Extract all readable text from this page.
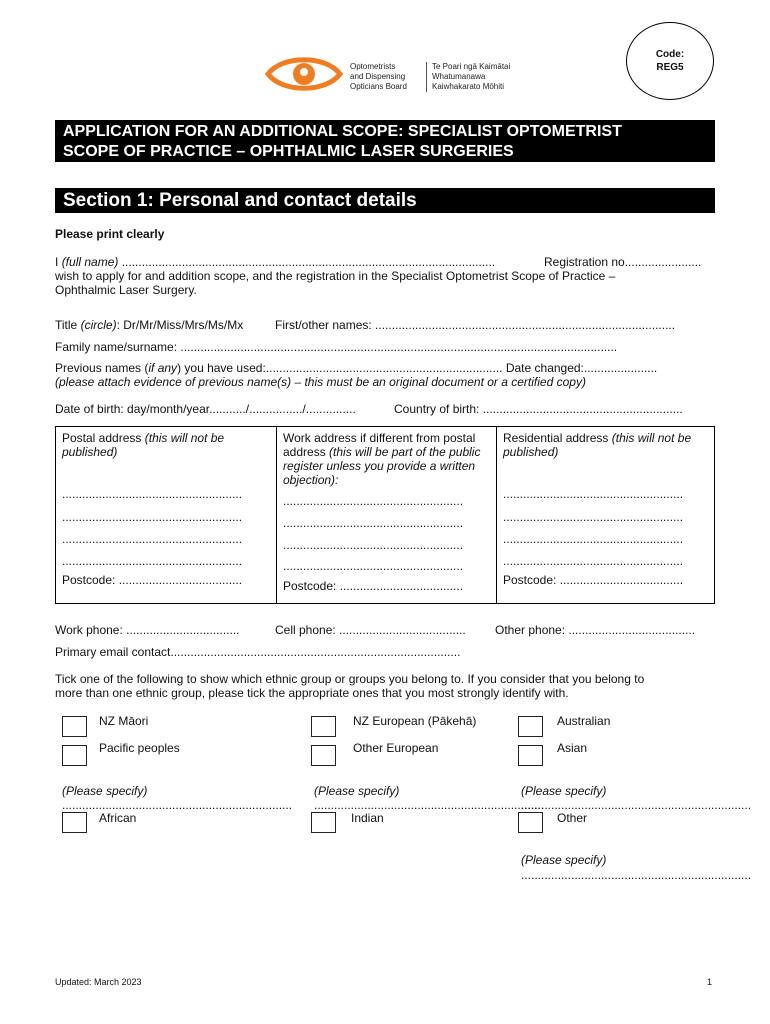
Optometrists
and Dispensing
Opticians Board
Te Poari ngā Kaimātai
Whatumanawa
Kaiwhakarato Mōhiti
Code:
REG5
APPLICATION FOR AN ADDITIONAL SCOPE: SPECIALIST OPTOMETRIST
SCOPE OF PRACTICE – OPHTHALMIC LASER SURGERIES
Section 1: Personal and contact details
Please print clearly
I (full name) ................................................................................................................	Registration no.......................
wish to apply for and addition scope, and the registration in the Specialist Optometrist Scope of Practice –
Ophthalmic Laser Surgery.
Title (circle): Dr/Mr/Miss/Mrs/Ms/Mx	First/other names: ..........................................................................................
Family name/surname: ...................................................................................................................................
Previous names (if any) you have used:....................................................................... Date changed:......................
(please attach evidence of previous name(s) – this must be an original document or a certified copy)
Date of birth: day/month/year.........../................/...............	Country of birth: ............................................................
Postal address (this will not be published)
......................................................
......................................................
......................................................
......................................................
Postcode: .....................................
Work address if different from postal address (this will be part of the public register unless you provide a written objection):
......................................................
......................................................
......................................................
......................................................
Postcode: .....................................
Residential address (this will not be published)
......................................................
......................................................
......................................................
......................................................
Postcode: .....................................
Work phone: ..................................	Cell phone: ...................................... Other phone: ......................................
Primary email contact.......................................................................................
Tick one of the following to show which ethnic group or groups you belong to. If you consider that you belong to
more than one ethnic group, please tick the appropriate ones that you most strongly identify with.
NZ Māori
Pacific peoples
(Please specify)
.....................................................................
African
NZ European (Pākehā)
Other European
(Please specify)
.....................................................................
Indian
Australian
Asian
(Please specify)
.....................................................................
Other
(Please specify)
.....................................................................
Updated: March 2023	1
